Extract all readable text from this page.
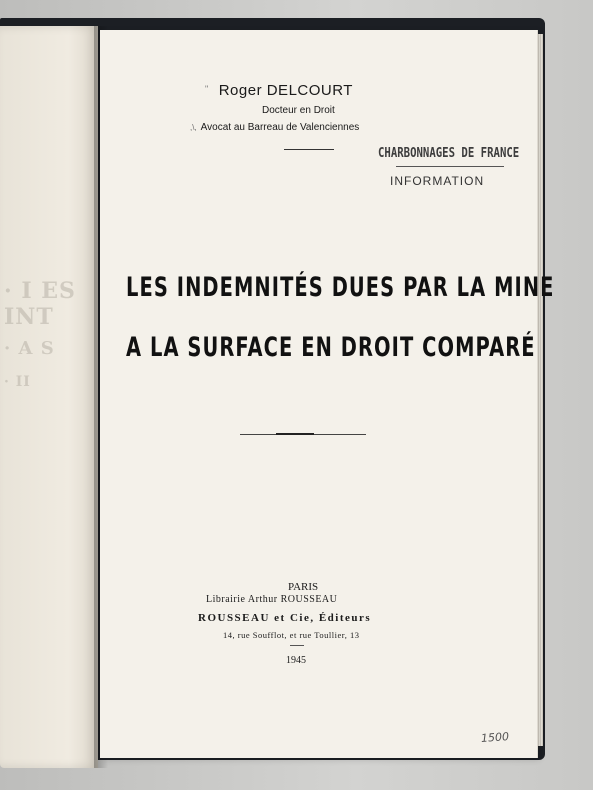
· I ES INT
· A S
· II
" Roger DELCOURT
Docteur en Droit
,\, Avocat au Barreau de Valenciennes
CHARBONNAGES DE FRANCE
INFORMATION
LES INDEMNITÉS DUES PAR LA MINE
A LA SURFACE EN DROIT COMPARÉ
PARIS
Librairie Arthur ROUSSEAU
ROUSSEAU et Cie, Éditeurs
14, rue Soufflot, et rue Toullier, 13
1945
1500
